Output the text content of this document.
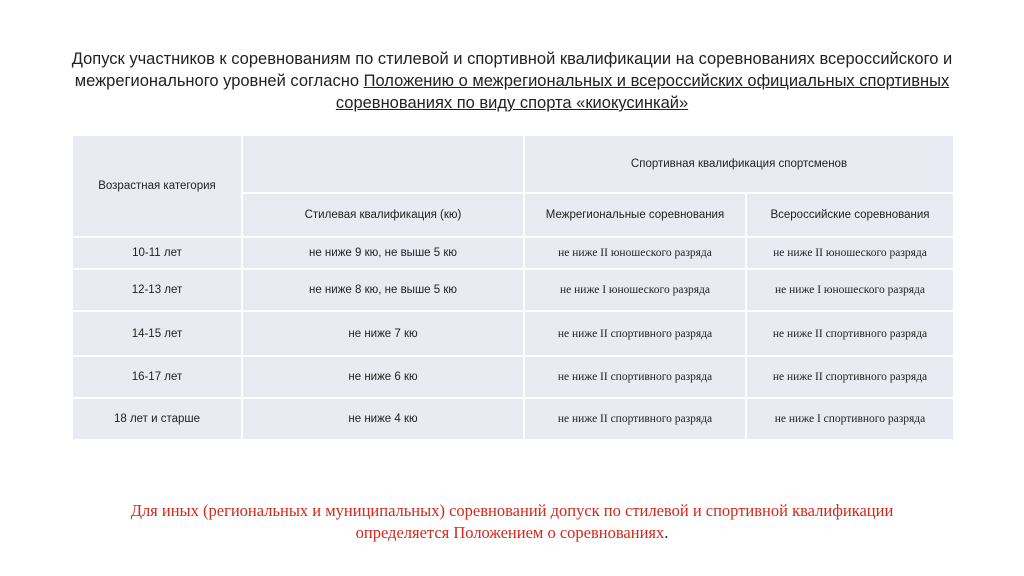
Допуск участников к соревнованиям по стилевой и спортивной квалификации на соревнованиях всероссийского и межрегионального уровней согласно Положению о межрегиональных и всероссийских официальных спортивных соревнованиях по виду спорта «киокусинкай»
Возрастная категория		Спортивная квалификация спортсменов	
	Стилевая квалификация (кю)	Межрегиональные соревнования	Всероссийские соревнования
10-11 лет	не ниже 9 кю, не выше 5 кю	не ниже II юношеского разряда	не ниже II юношеского разряда
12-13 лет	не ниже 8 кю, не выше 5 кю	не ниже I юношеского разряда	не ниже I юношеского разряда
14-15 лет	не ниже 7 кю	не ниже II спортивного разряда	не ниже II спортивного разряда
16-17 лет	не ниже 6 кю	не ниже II спортивного разряда	не ниже II спортивного разряда
18 лет и старше	не ниже 4 кю	не ниже II спортивного разряда	не ниже I спортивного разряда
Для иных (региональных и муниципальных) соревнований допуск по стилевой и спортивной квалификации определяется Положением о соревнованиях.
